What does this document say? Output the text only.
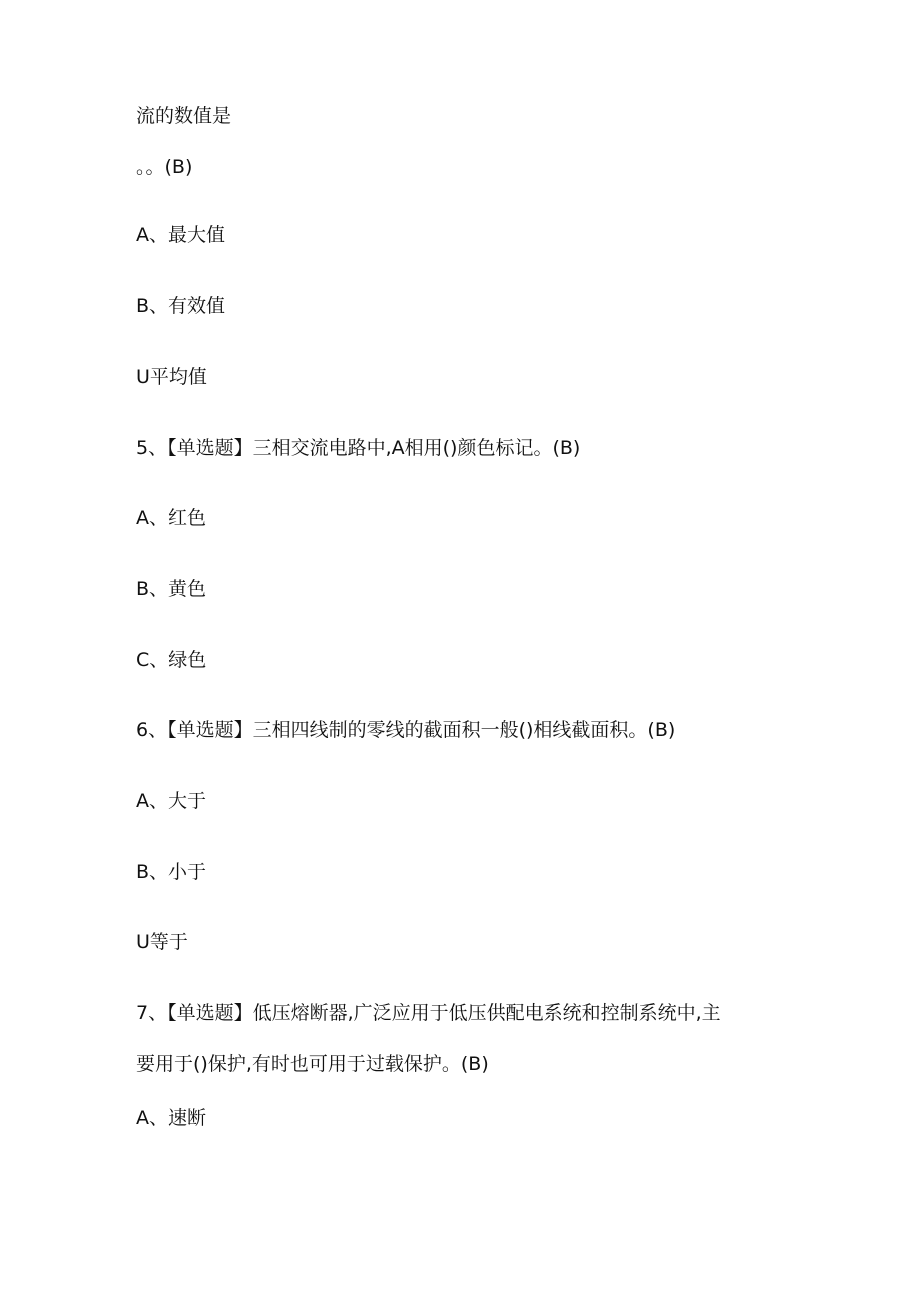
流的数值是
。。(B)
A、最大值
B、有效值
U平均值
5、【单选题】三相交流电路中,A相用()颜色标记。(B)
A、红色
B、黄色
C、绿色
6、【单选题】三相四线制的零线的截面积一般()相线截面积。(B)
A、大于
B、小于
U等于
7、【单选题】低压熔断器,广泛应用于低压供配电系统和控制系统中,主
要用于()保护,有时也可用于过载保护。(B)
A、速断
